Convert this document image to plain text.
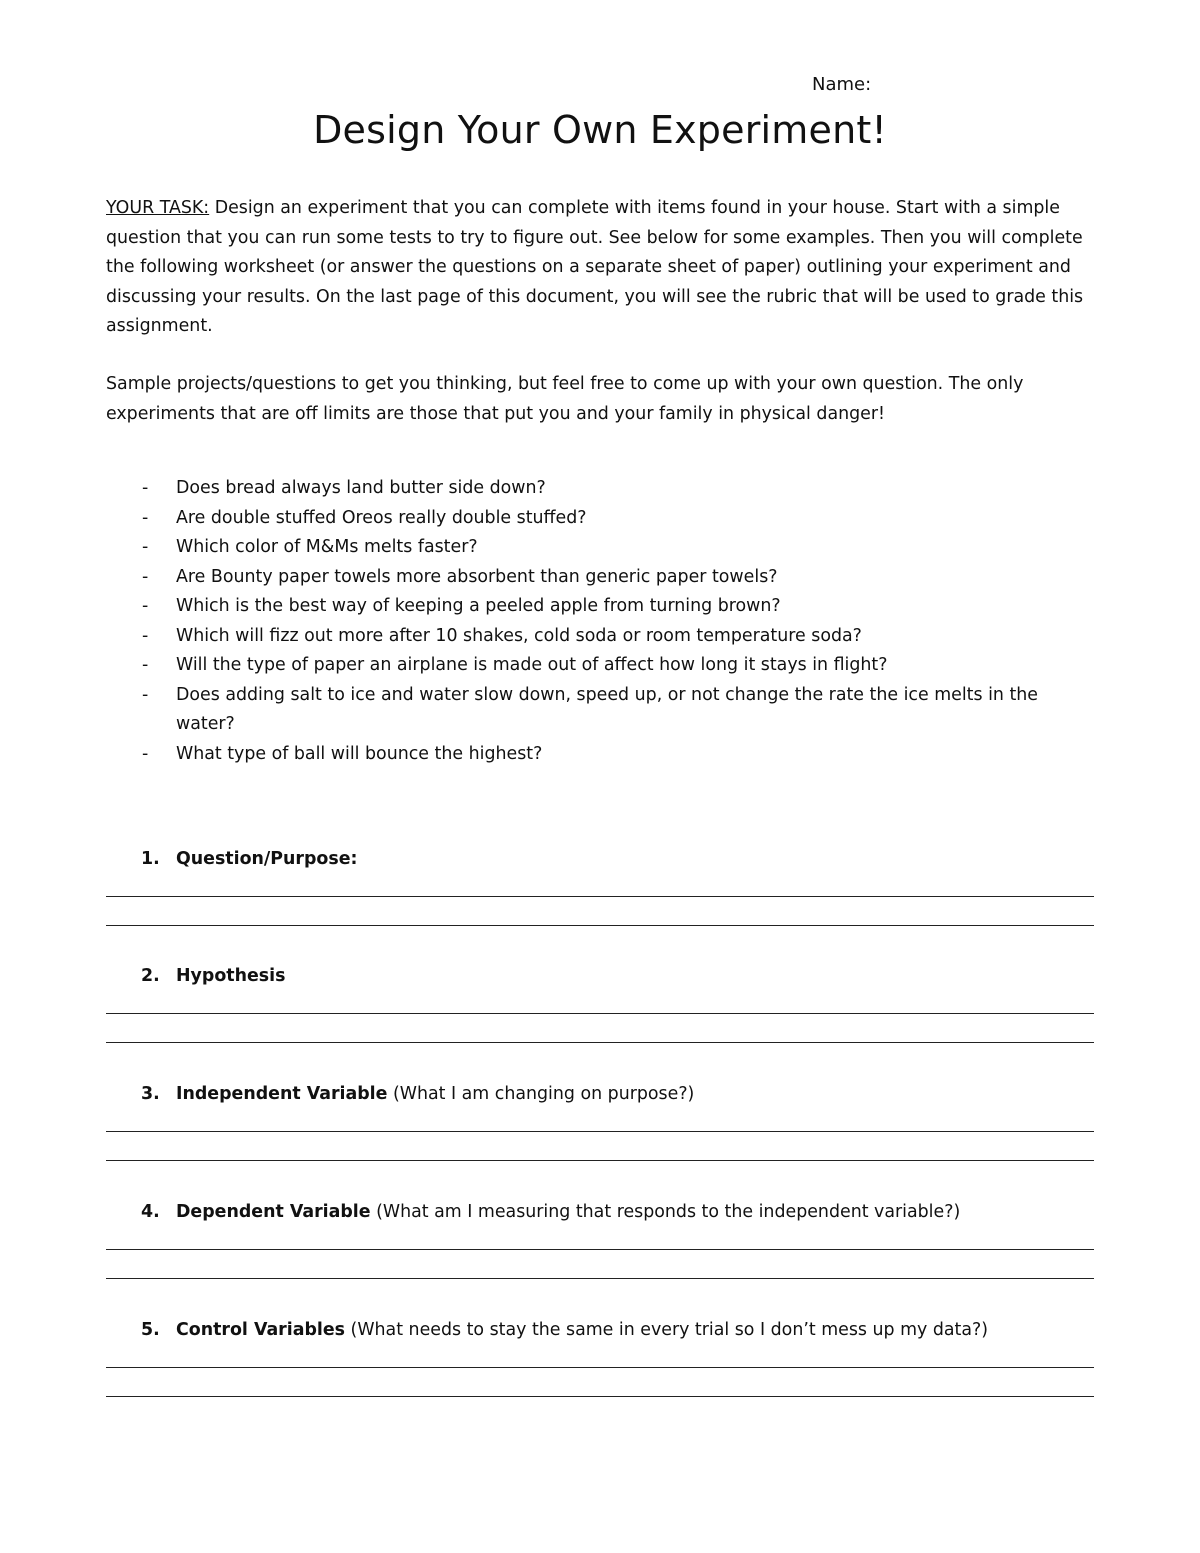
Name:
Design Your Own Experiment!

YOUR TASK: Design an experiment that you can complete with items found in your house. Start with a simple question that you can run some tests to try to figure out. See below for some examples. Then you will complete the following worksheet (or answer the questions on a separate sheet of paper) outlining your experiment and discussing your results. On the last page of this document, you will see the rubric that will be used to grade this assignment.

Sample projects/questions to get you thinking, but feel free to come up with your own question. The only experiments that are off limits are those that put you and your family in physical danger!

- Does bread always land butter side down?
- Are double stuffed Oreos really double stuffed?
- Which color of M&Ms melts faster?
- Are Bounty paper towels more absorbent than generic paper towels?
- Which is the best way of keeping a peeled apple from turning brown?
- Which will fizz out more after 10 shakes, cold soda or room temperature soda?
- Will the type of paper an airplane is made out of affect how long it stays in flight?
- Does adding salt to ice and water slow down, speed up, or not change the rate the ice melts in the water?
- What type of ball will bounce the highest?
1. Question/Purpose:
2. Hypothesis
3. Independent Variable (What I am changing on purpose?)
4. Dependent Variable (What am I measuring that responds to the independent variable?)
5. Control Variables (What needs to stay the same in every trial so I don’t mess up my data?)
